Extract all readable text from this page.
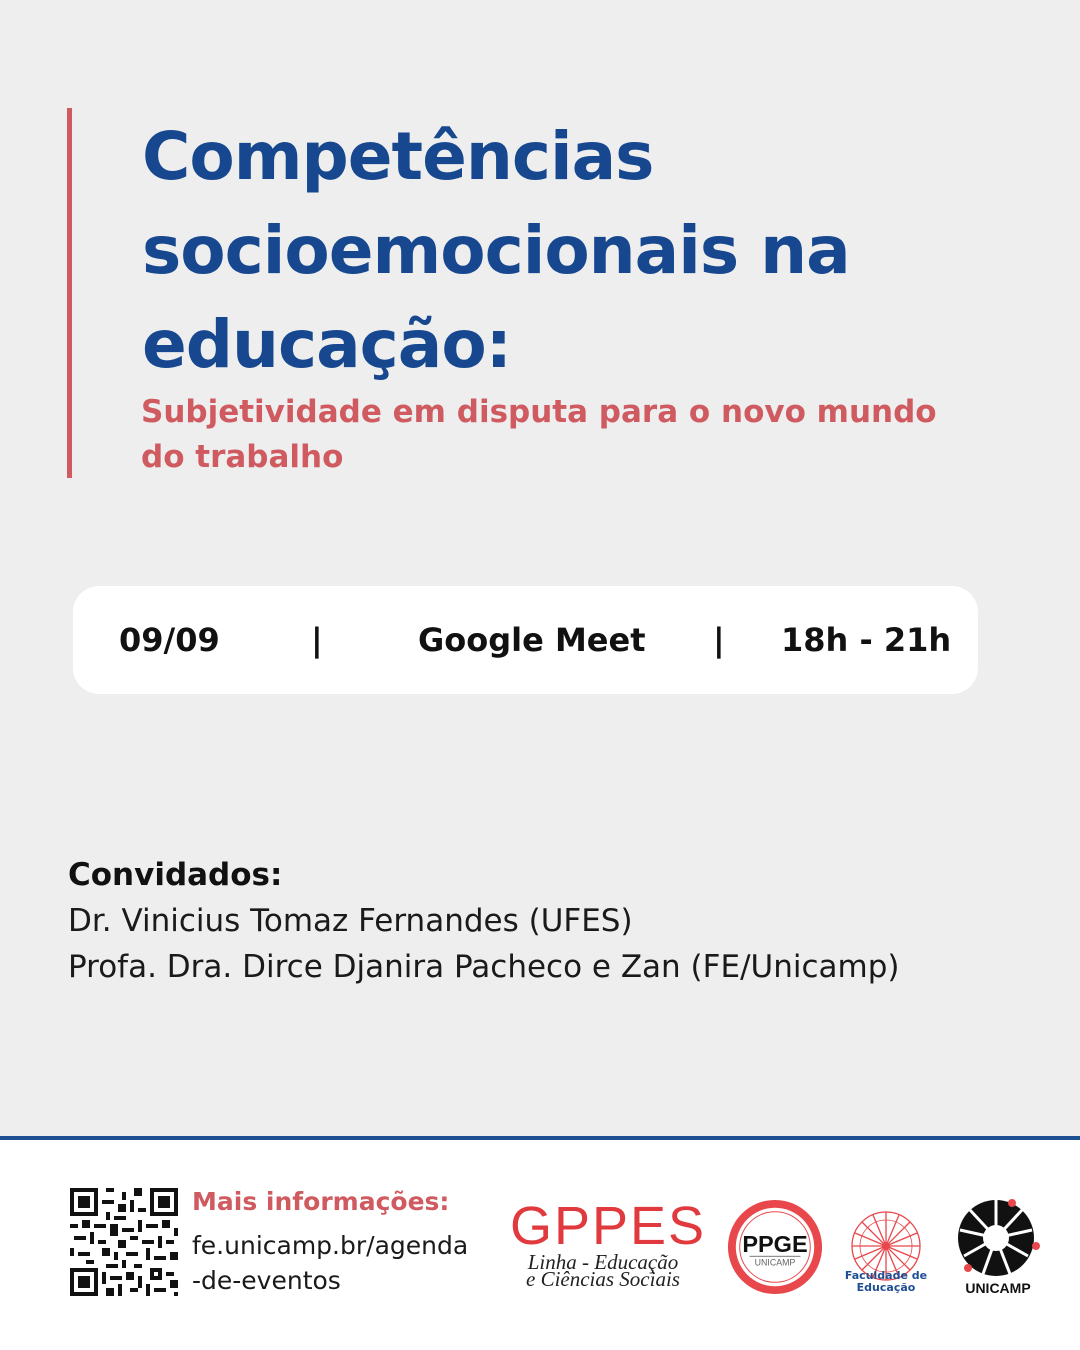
Competências
socioemocionais na
educação:

Subjetividade em disputa para o novo mundo do trabalho

09/09	|	Google Meet | 18h - 21h
Convidados:
Dr. Vinicius Tomaz Fernandes (UFES)
Profa. Dra. Dirce Djanira Pacheco e Zan (FE/Unicamp)
Mais informações:
fe.unicamp.br/agenda
-de-eventos
GPPES
Linha - Educação
e Ciências Sociais
PPGE
UNICAMP
Faculdade de
Educação	UNICAMP
